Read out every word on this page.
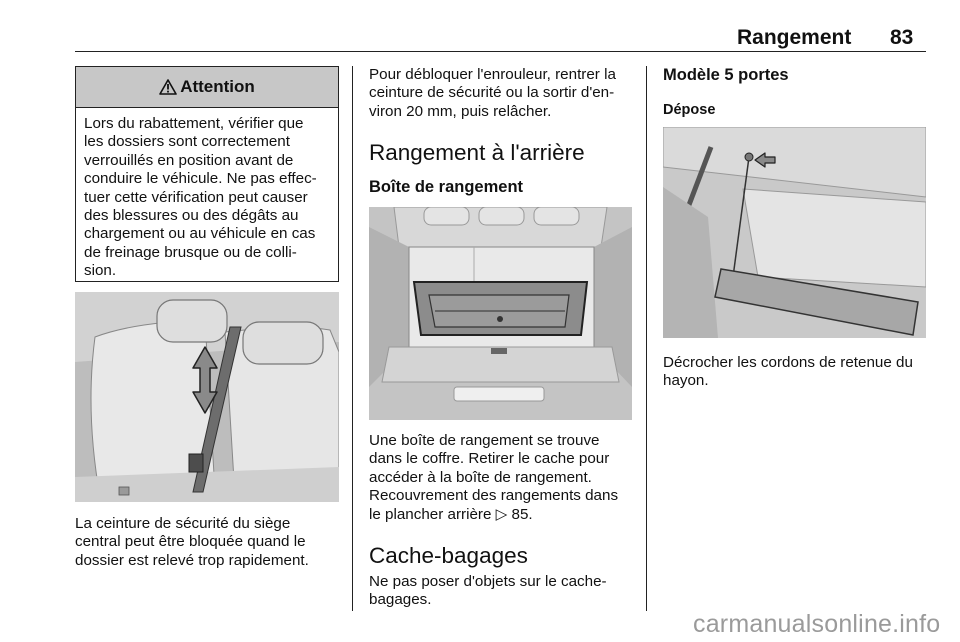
Rangement 83
Attention
Lors du rabattement, vérifier que
les dossiers sont correctement
verrouillés en position avant de
conduire le véhicule. Ne pas effec-
tuer cette vérification peut causer
des blessures ou des dégâts au
chargement ou au véhicule en cas
de freinage brusque ou de colli-
sion.
La ceinture de sécurité du siège
central peut être bloquée quand le
dossier est relevé trop rapidement.
Pour débloquer l'enrouleur, rentrer la
ceinture de sécurité ou la sortir d'en-
viron 20 mm, puis relâcher.
Rangement à l'arrière
Boîte de rangement
Une boîte de rangement se trouve
dans le coffre. Retirer le cache pour
accéder à la boîte de rangement.
Recouvrement des rangements dans
le plancher arrière ▷ 85.
Cache-bagages
Ne pas poser d'objets sur le cache-
bagages.
Modèle 5 portes
Dépose
Décrocher les cordons de retenue du
hayon.
carmanualsonline.info
